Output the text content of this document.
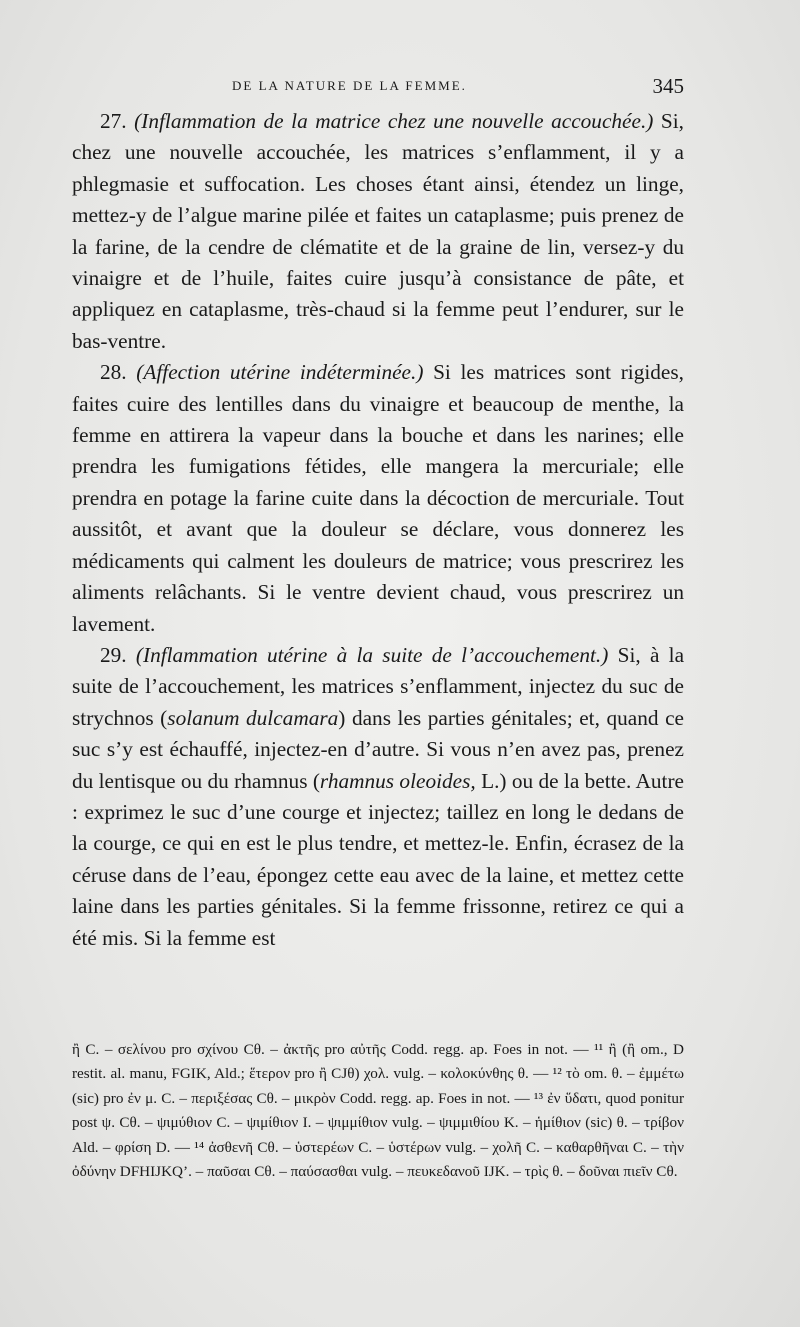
DE LA NATURE DE LA FEMME.	345

27. (Inflammation de la matrice chez une nouvelle accouchée.) Si, chez une nouvelle accouchée, les matrices s’enflamment, il y a phlegmasie et suffocation. Les choses étant ainsi, étendez un linge, mettez-y de l’algue marine pilée et faites un cataplasme; puis prenez de la farine, de la cendre de clématite et de la graine de lin, versez-y du vinaigre et de l’huile, faites cuire jusqu’à consistance de pâte, et appliquez en cataplasme, très-chaud si la femme peut l’endurer, sur le bas-ventre.

28. (Affection utérine indéterminée.) Si les matrices sont rigides, faites cuire des lentilles dans du vinaigre et beaucoup de menthe, la femme en attirera la vapeur dans la bouche et dans les narines; elle prendra les fumigations fétides, elle mangera la mercuriale; elle prendra en potage la farine cuite dans la décoction de mercuriale. Tout aussitôt, et avant que la douleur se déclare, vous donnerez les médicaments qui calment les douleurs de matrice; vous prescrirez les aliments relâchants. Si le ventre devient chaud, vous prescrirez un lavement.

29. (Inflammation utérine à la suite de l’accouchement.) Si, à la suite de l’accouchement, les matrices s’enflamment, injectez du suc de strychnos (solanum dulcamara) dans les parties génitales; et, quand ce suc s’y est échauffé, injectez-en d’autre. Si vous n’en avez pas, prenez du lentisque ou du rhamnus (rhamnus oleoides, L.) ou de la bette. Autre : exprimez le suc d’une courge et injectez; taillez en long le dedans de la courge, ce qui en est le plus tendre, et mettez-le. Enfin, écrasez de la céruse dans de l’eau, épongez cette eau avec de la laine, et mettez cette laine dans les parties génitales. Si la femme frissonne, retirez ce qui a été mis. Si la femme est

ἢ C. – σελίνου pro σχίνου Cθ. – ἀκτῆς pro αὐτῆς Codd. regg. ap. Foes in not. — ¹¹ ἢ (ἢ om., D restit. al. manu, FGIK, Ald.; ἕτερον pro ἢ CJθ) χολ. vulg. – κολοκύνθης θ. — ¹² τὸ om. θ. – ἐμμέτω (sic) pro ἐν μ. C. – περιξέσας Cθ. – μικρὸν Codd. regg. ap. Foes in not. — ¹³ ἐν ὕδατι, quod ponitur post ψ. Cθ. – ψιμύθιον C. – ψιμίθιον I. – ψιμμίθιον vulg. – ψιμμιθίου K. – ἡμίθιον (sic) θ. – τρίβον Ald. – φρίση D. — ¹⁴ ἀσθενῆ Cθ. – ὑστερέων C. – ὑστέρων vulg. – χολῆ C. – καθαρθῆναι C. – τὴν ὀδύνην DFHIJKQ’. – παῦσαι Cθ. – παύσασθαι vulg. – πευκεδανοῦ IJK. – τρὶς θ. – δοῦναι πιεῖν Cθ.
